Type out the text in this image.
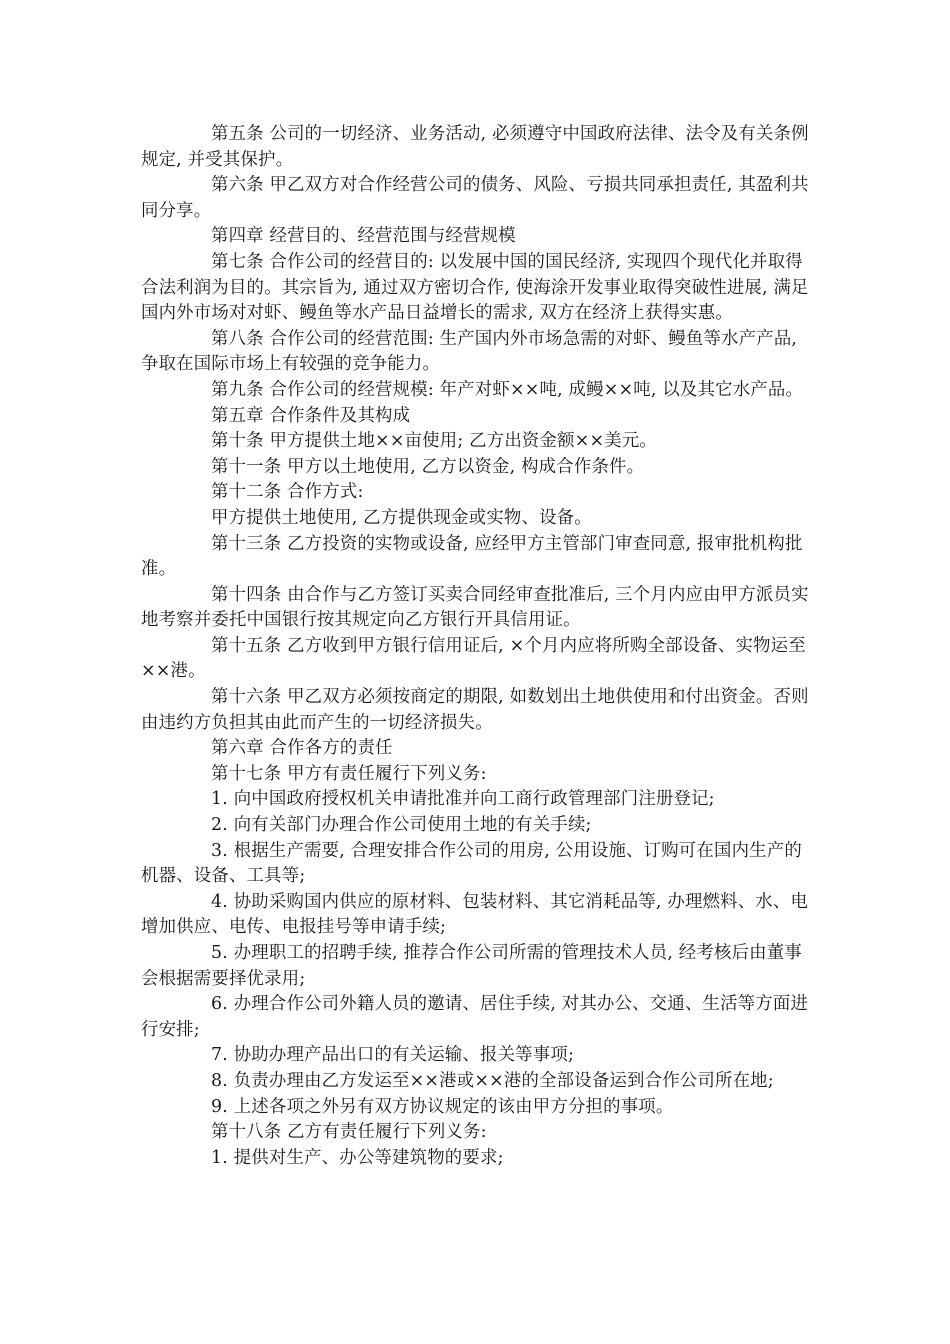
第五条 公司的一切经济、业务活动, 必须遵守中国政府法律、法令及有关条例规定, 并受其保护。

第六条 甲乙双方对合作经营公司的债务、风险、亏损共同承担责任, 其盈利共同分享。

第四章 经营目的、经营范围与经营规模

第七条 合作公司的经营目的: 以发展中国的国民经济, 实现四个现代化并取得合法利润为目的。其宗旨为, 通过双方密切合作, 使海涂开发事业取得突破性进展, 满足国内外市场对对虾、鳗鱼等水产品日益增长的需求, 双方在经济上获得实惠。

第八条 合作公司的经营范围: 生产国内外市场急需的对虾、鳗鱼等水产产品, 争取在国际市场上有较强的竞争能力。

第九条 合作公司的经营规模: 年产对虾××吨, 成鳗××吨, 以及其它水产品。

第五章 合作条件及其构成

第十条 甲方提供土地××亩使用; 乙方出资金额××美元。

第十一条 甲方以土地使用, 乙方以资金, 构成合作条件。

第十二条 合作方式:

甲方提供土地使用, 乙方提供现金或实物、设备。

第十三条 乙方投资的实物或设备, 应经甲方主管部门审查同意, 报审批机构批准。

第十四条 由合作与乙方签订买卖合同经审查批准后, 三个月内应由甲方派员实地考察并委托中国银行按其规定向乙方银行开具信用证。

第十五条 乙方收到甲方银行信用证后, ×个月内应将所购全部设备、实物运至××港。

第十六条 甲乙双方必须按商定的期限, 如数划出土地供使用和付出资金。否则由违约方负担其由此而产生的一切经济损失。

第六章 合作各方的责任

第十七条 甲方有责任履行下列义务:

1. 向中国政府授权机关申请批准并向工商行政管理部门注册登记;

2. 向有关部门办理合作公司使用土地的有关手续;

3. 根据生产需要, 合理安排合作公司的用房, 公用设施、订购可在国内生产的机器、设备、工具等;

4. 协助采购国内供应的原材料、包装材料、其它消耗品等, 办理燃料、水、电增加供应、电传、电报挂号等申请手续;

5. 办理职工的招聘手续, 推荐合作公司所需的管理技术人员, 经考核后由董事会根据需要择优录用;

6. 办理合作公司外籍人员的邀请、居住手续, 对其办公、交通、生活等方面进行安排;

7. 协助办理产品出口的有关运输、报关等事项;

8. 负责办理由乙方发运至××港或××港的全部设备运到合作公司所在地;

9. 上述各项之外另有双方协议规定的该由甲方分担的事项。

第十八条 乙方有责任履行下列义务:

1. 提供对生产、办公等建筑物的要求;
